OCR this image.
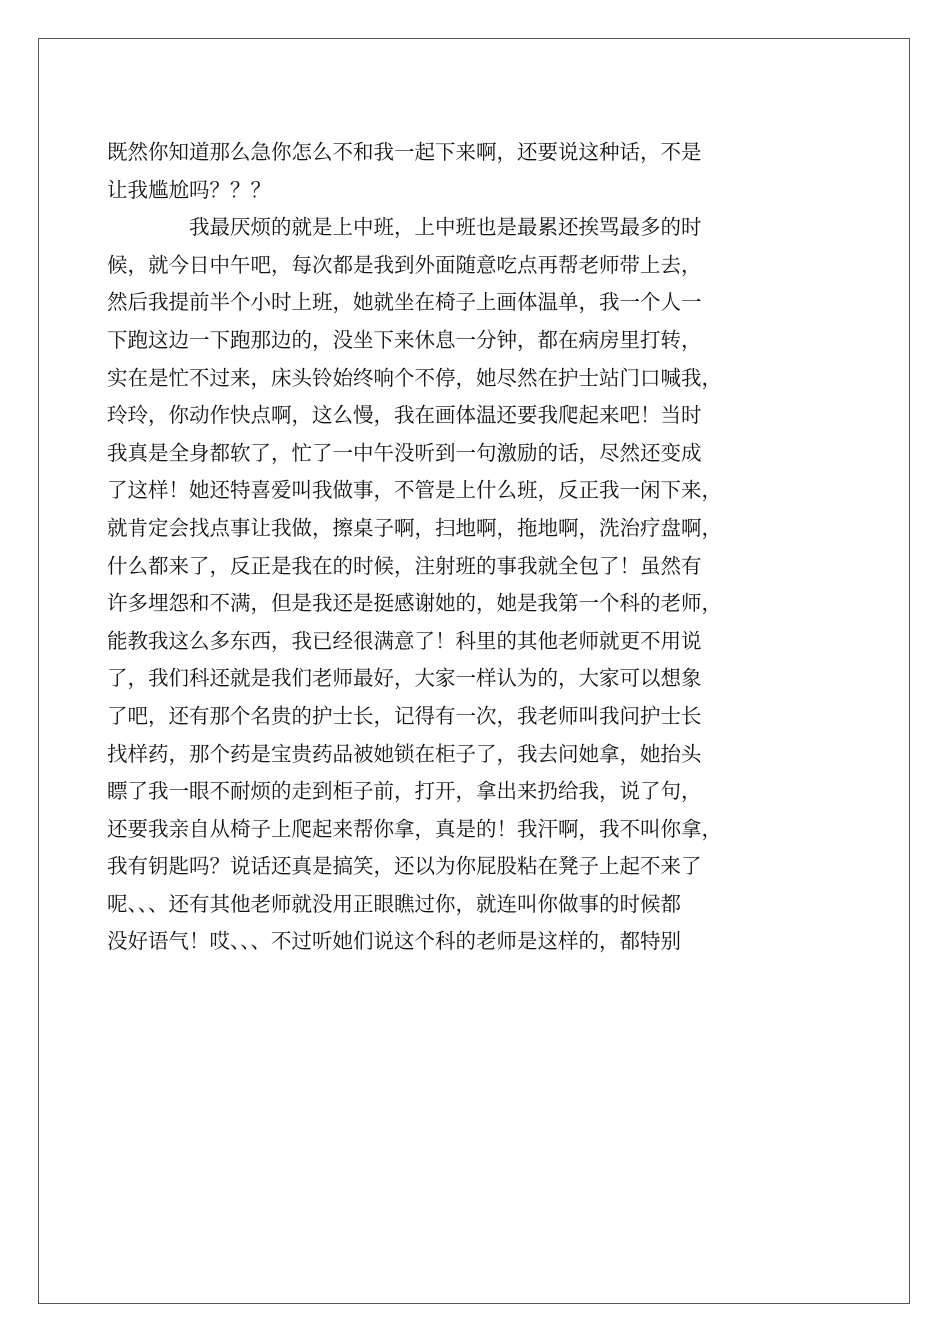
既然你知道那么急你怎么不和我一起下来啊，还要说这种话，不是
让我尴尬吗？？？
　　　　我最厌烦的就是上中班，上中班也是最累还挨骂最多的时
候，就今日中午吧，每次都是我到外面随意吃点再帮老师带上去，
然后我提前半个小时上班，她就坐在椅子上画体温单，我一个人一
下跑这边一下跑那边的，没坐下来休息一分钟，都在病房里打转，
实在是忙不过来，床头铃始终响个不停，她尽然在护士站门口喊我，
玲玲，你动作快点啊，这么慢，我在画体温还要我爬起来吧！当时
我真是全身都软了，忙了一中午没听到一句激励的话，尽然还变成
了这样！她还特喜爱叫我做事，不管是上什么班，反正我一闲下来，
就肯定会找点事让我做，擦桌子啊，扫地啊，拖地啊，洗治疗盘啊，
什么都来了，反正是我在的时候，注射班的事我就全包了！虽然有
许多埋怨和不满，但是我还是挺感谢她的，她是我第一个科的老师，
能教我这么多东西，我已经很满意了！科里的其他老师就更不用说
了，我们科还就是我们老师最好，大家一样认为的，大家可以想象
了吧，还有那个名贵的护士长，记得有一次，我老师叫我问护士长
找样药，那个药是宝贵药品被她锁在柜子了，我去问她拿，她抬头
瞟了我一眼不耐烦的走到柜子前，打开，拿出来扔给我，说了句，
还要我亲自从椅子上爬起来帮你拿，真是的！我汗啊，我不叫你拿，
我有钥匙吗？说话还真是搞笑，还以为你屁股粘在凳子上起不来了
呢、、、还有其他老师就没用正眼瞧过你，就连叫你做事的时候都
没好语气！哎、、、不过听她们说这个科的老师是这样的，都特别
